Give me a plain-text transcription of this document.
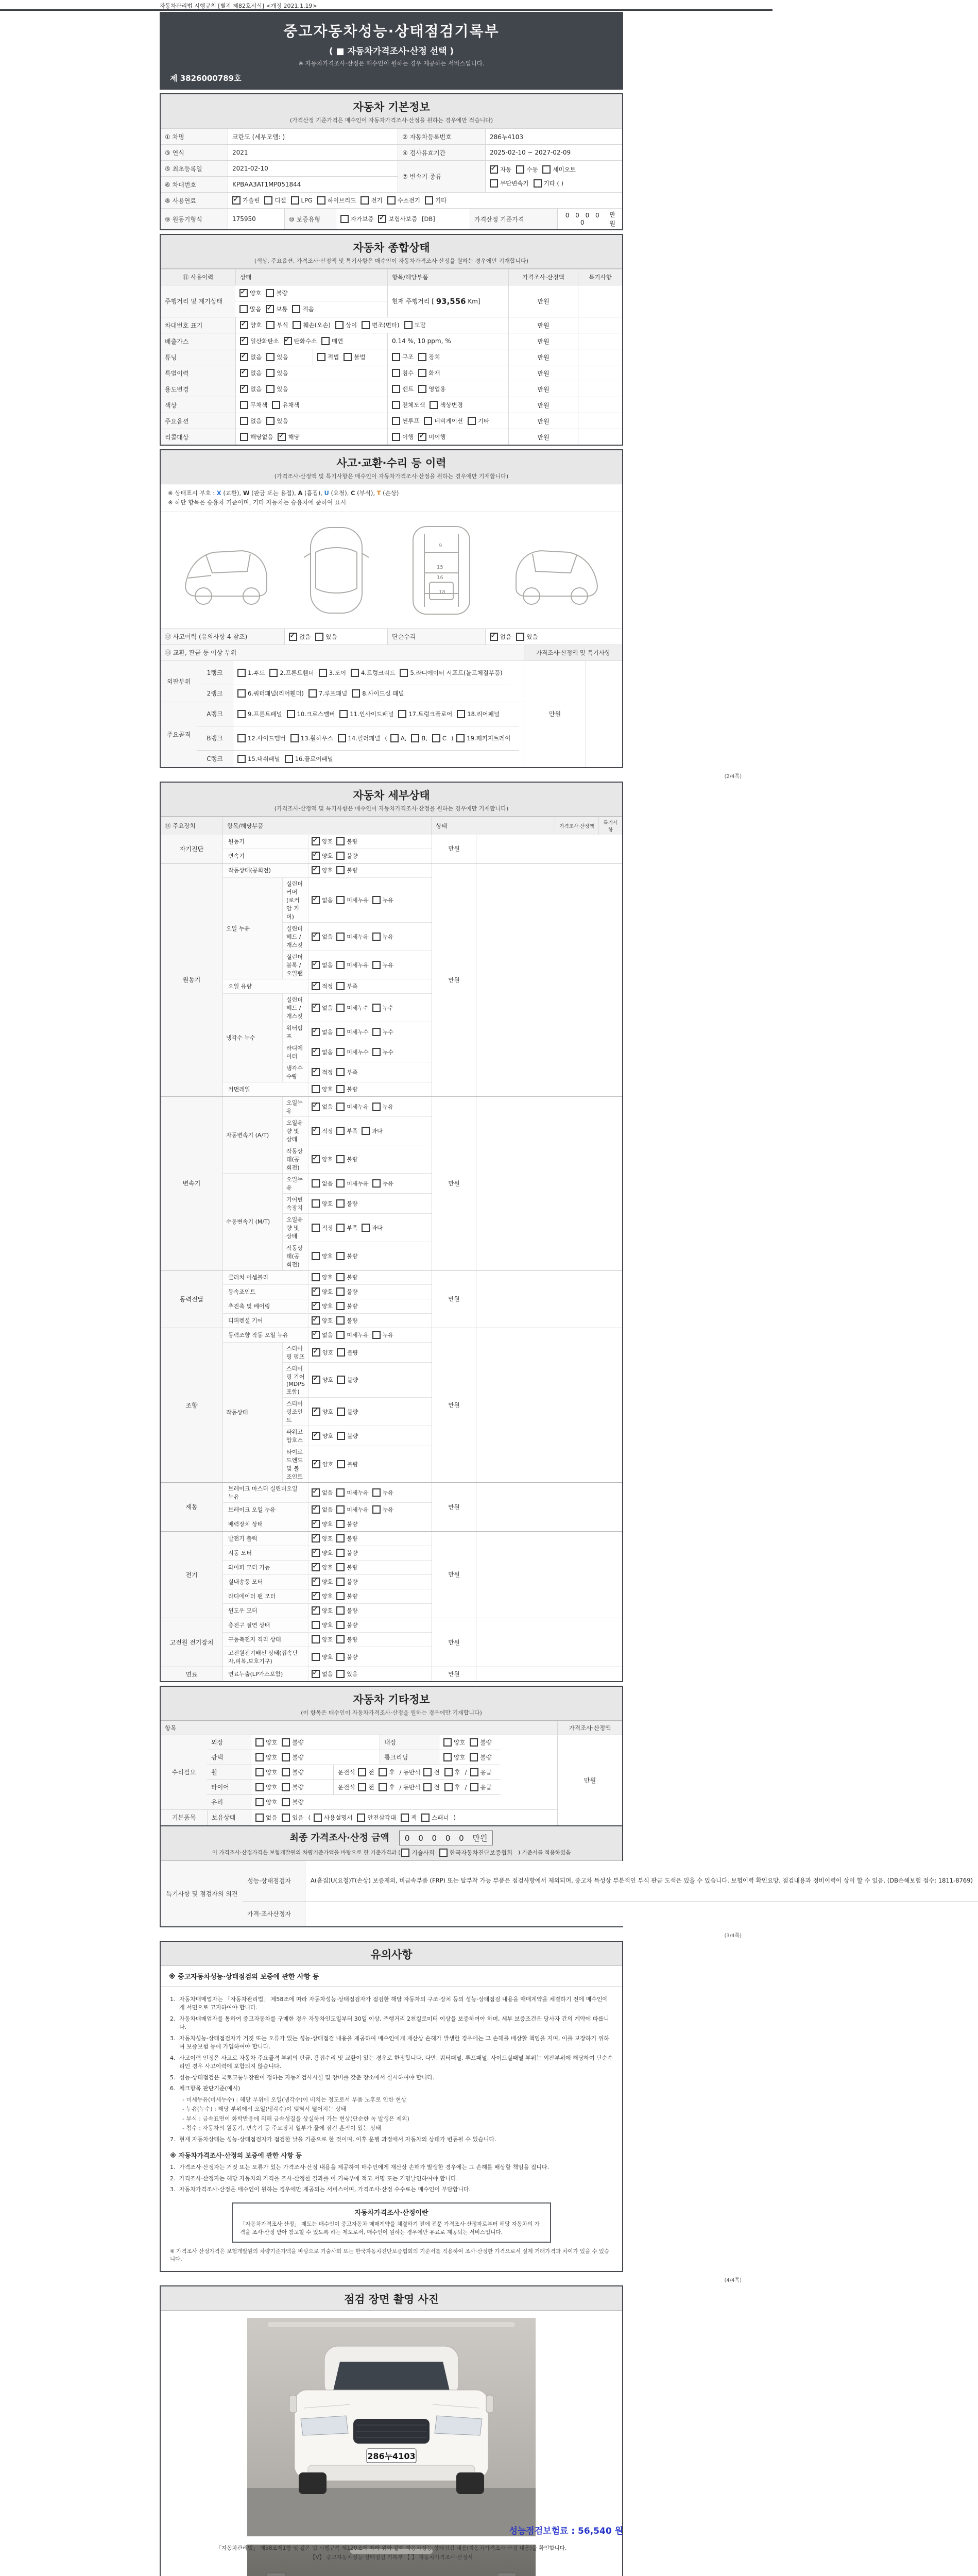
자동차관리법 시행규칙 [별지 제82호서식] <개정 2021.1.19>
중고자동차성능·상태점검기록부
( ■ 자동차가격조사·산정 선택 )
※ 자동차가격조사·산정은 매수인이 원하는 경우 제공하는 서비스입니다.
제 3826000789호
자동차 기본정보
(가격산정 기준가격은 매수인이 자동차가격조사·산정을 원하는 경우에만 적습니다)
① 차명	코란도 (세부모델: )	② 자동차등록번호	286누4103
③ 연식	2021	④ 검사유효기간	2025-02-10 ~ 2027-02-09
⑤ 최초등록일	2021-02-10
⑥ 차대번호	KPBAA3AT1MP051844
⑦ 변속기 종류
✓
자동	수동	세미오토
무단변속기	기타 ( )
⑧ 사용연료 ✓	가솔린	디젤	LPG	하이브리드	전기	수소전기	기타
⑨ 원동기형식	175950	⑩ 보증유형	자가보증 ✓	보험사보증 [DB]	가격산정 기준가격
0 0 0 0 0
만원
자동차 종합상태
(색상, 주요옵션, 가격조사·산정액 및 특기사항은 매수인이 자동차가격조사·산정을 원하는 경우에만 기재합니다)
⑪ 사용이력	상태	항목/해당부품	가격조사·산정액	특기사항
주행거리 및 계기상태
✓
양호	불량
많음 ✓	보통	적음
현재 주행거리 [
93,556
Km]	만원
차대번호 표기 ✓	양호	부식	훼손(오손)	상이	변조(변타)	도말	만원
배출가스 ✓	일산화탄소 ✓	탄화수소	매연	0.14 %, 10 ppm, %	만원
튜닝 ✓	없음	있음	적법	불법	구조	장치	만원
특별이력 ✓	없음	있음	침수	화재	만원
용도변경 ✓	없음	있음	렌트	영업용	만원
색상	무채색	유채색	전체도색	색상변경	만원
주요옵션	없음	있음	썬루프	네비게이션	기타	만원
리콜대상	해당없음 ✓	해당	이행 ✓	미이행	만원
사고·교환·수리 등 이력
(가격조사·산정액 및 특기사항은 매수인이 자동차가격조사·산정을 원하는 경우에만 기재합니다)
※ 상태표시 부호 : X (교환), W (판금 또는 용접), A (흠집), U (요철), C (부식), T (손상)
※ 하단 항목은 승용차 기준이며, 기타 자동차는 승용차에 준하여 표시
9
15
16
18
⑫ 사고이력 (유의사항 4 참조) ✓	없음	있음	단순수리 ✓	없음	있음
⑬ 교환, 판금 등 이상 부위	가격조사·산정액 및 특기사항
외판부위
1랭크	1.후드	2.프론트휀더	3.도어	4.트렁크리드	5.라디에이터 서포트(볼트체결부품)
2랭크	6.쿼터패널(리어휀더)	7.루프패널	8.사이드실 패널
주요골격
A랭크	9.프론트패널	10.크로스멤버	11.인사이드패널	17.트렁크플로어	18.리어패널
B랭크	12.사이드멤버	13.휠하우스	14.필러패널 ( A,	B,	C ) 19.패키지트레이
C랭크	15.대쉬패널	16.플로어패널
만원
(2/4쪽)
자동차 세부상태
(가격조사·산정액 및 특기사항은 매수인이 자동차가격조사·산정을 원하는 경우에만 기재합니다)
⑭ 주요장치	항목/해당부품	상태	가격조사·산정액
특기사항
자기진단
원동기 ✓	양호 불량
변속기 ✓	양호 불량
만원
원동기
작동상태(공회전) ✓	양호 불량
오일 누유
실린더 커버(로커암 커버)
✓
없음 미세누유 누유
실린더 헤드 / 개스킷
✓
없음 미세누유 누유
실린더 블록 / 오일팬
✓
없음 미세누유 누유
오일 유량 ✓	적정 부족
냉각수 누수
실린더 헤드 / 개스킷
✓
없음 미세누수 누수
워터펌프
✓
없음 미세누수 누수
라디에이터
✓
없음 미세누수 누수
냉각수 수량
✓
적정 부족
커먼레일	양호 불량
만원
변속기
자동변속기 (A/T)
오일누유
✓
없음 미세누유 누유
오일유량 및 상태
✓
적정 부족 과다
작동상태(공회전)
✓
양호 불량
수동변속기 (M/T)
오일누유
없음 미세누유 누유
기어변속장치
양호 불량
오일유량 및 상태
적정 부족 과다
작동상태(공회전)
양호 불량
만원
동력전달
클러치 어셈블리	양호 불량
등속죠인트 ✓	양호 불량
추진축 및 베어링 ✓	양호 불량
디퍼렌셜 기어 ✓	양호 불량
만원
조향
동력조향 작동 오일 누유 ✓	없음 미세누유 누유
작동상태
스티어링 펌프
✓
양호 불량
스티어링 기어(MDPS포함)
✓
양호 불량
스티어링조인트
✓
양호 불량
파워고압호스
✓
양호 불량
타이로드엔드 및 볼 조인트
✓
양호 불량
만원
제동
브레이크 마스터 실린더오일 누유
✓
없음 미세누유 누유
브레이크 오일 누유 ✓	없음 미세누유 누유
배력장치 상태 ✓	양호 불량
만원
전기
발전기 출력 ✓	양호 불량
시동 모터 ✓	양호 불량
와이퍼 모터 기능 ✓	양호 불량
실내송풍 모터 ✓	양호 불량
라디에이터 팬 모터 ✓	양호 불량
윈도우 모터 ✓	양호 불량
만원
고전원 전기장치
충전구 절연 상태	양호 불량
구동축전지 격리 상태	양호 불량
고전원전기배선 상태(접속단자,피복,보호기구)
양호 불량
만원
연료	연료누출(LP가스포함) ✓	없음 있음	만원
자동차 기타정보
(이 항목은 매수인이 자동차가격조사·산정을 원하는 경우에만 기재합니다)
항목	가격조사·산정액
수리필요
외장	양호	불량	내장	양호	불량
광택	양호	불량	룸크리닝	양호	불량
휠	양호	불량	운전석 전	후 / 동반석 전	후 / 응급
타이어	양호	불량	운전석 전	후 / 동반석 전	후 / 응급
유리	양호	불량
기본품목	보유상태	없음	있음 ( 사용설명서	안전삼각대	잭	스패너 )
만원
최종 가격조사·산정 금액 0 0 0 0 0 만원
이 가격조사·산정가격은 보험개발원의 차량기준가액을 바탕으로 한 기준가격과 ( 기술사회	한국자동차진단보증협회 ) 기준서를 적용하였음
특기사항 및 점검자의 의견
성능·상태점검자	A(흠집)U(요철)T(손상) 보증제외, 비금속부품 (FRP) 또는 탈부착 가능 부품은 점검사항에서 제외되며, 중고차 특성상 부분적인 부식 판금 도색은 있을 수 있습니다. 보험이력 확인요망. 점검내용과 정비이력이 상이 할 수 있음. (DB손해보험 접수: 1811-8769)
가격·조사산정자
(3/4쪽)
유의사항
※ 중고자동차성능·상태점검의 보증에 관한 사항 등
1. 자동차매매업자는 「자동차관리법」 제58조에 따라 자동차성능·상태점검자가 점검한 해당 자동차의 구조·장치 등의 성능·상태점검 내용을 매매계약을 체결하기 전에 매수인에게 서면으로 고지하여야 합니다.
2. 자동차매매업자를 통하여 중고자동차를 구매한 경우 자동차인도일부터 30일 이상, 주행거리 2천킬로미터 이상을 보증하여야 하며, 세부 보증조건은 당사자 간의 계약에 따릅니다.
3. 자동차성능·상태점검자가 거짓 또는 오류가 있는 성능·상태점검 내용을 제공하여 매수인에게 재산상 손해가 발생한 경우에는 그 손해를 배상할 책임을 지며, 이를 보장하기 위하여 보증보험 등에 가입하여야 합니다.
4. 사고이력 인정은 사고로 자동차 주요골격 부위의 판금, 용접수리 및 교환이 있는 경우로 한정합니다. 다만, 쿼터패널, 루프패널, 사이드실패널 부위는 외판부위에 해당하여 단순수리인 경우 사고이력에 포함되지 않습니다.
5. 성능·상태점검은 국토교통부장관이 정하는 자동차검사시설 및 장비를 갖춘 장소에서 실시하여야 합니다.
6. 체크항목 판단기준(예시)
- 미세누유(미세누수) : 해당 부위에 오일(냉각수)이 비치는 정도로서 부품 노후로 인한 현상
- 누유(누수) : 해당 부위에서 오일(냉각수)이 맺혀서 떨어지는 상태
- 부식 : 금속표면이 화학반응에 의해 금속성질을 상실하여 가는 현상(단순한 녹 발생은 제외)
- 침수 : 자동차의 원동기, 변속기 등 주요장치 일부가 물에 잠긴 흔적이 있는 상태
7. 현재 자동차상태는 성능·상태점검자가 점검한 날을 기준으로 한 것이며, 이후 운행 과정에서 자동차의 상태가 변동될 수 있습니다.
※ 자동차가격조사·산정의 보증에 관한 사항 등
1. 가격조사·산정자는 거짓 또는 오류가 있는 가격조사·산정 내용을 제공하여 매수인에게 재산상 손해가 발생한 경우에는 그 손해를 배상할 책임을 집니다.
2. 가격조사·산정자는 해당 자동차의 가격을 조사·산정한 결과를 이 기록부에 적고 서명 또는 기명날인하여야 합니다.
3. 자동차가격조사·산정은 매수인이 원하는 경우에만 제공되는 서비스이며, 가격조사·산정 수수료는 매수인이 부담합니다.
자동차가격조사·산정이란
「자동차가격조사·산정」 제도는 매수인이 중고자동차 매매계약을 체결하기 전에 전문 가격조사·산정자로부터 해당 자동차의 가격을 조사·산정 받아 참고할 수 있도록 하는 제도로서, 매수인이 원하는 경우에만 유료로 제공되는 서비스입니다.
※ 가격조사·산정가격은 보험개발원의 차량기준가액을 바탕으로 기술사회 또는 한국자동차진단보증협회의 기준서를 적용하여 조사·산정한 가격으로서 실제 거래가격과 차이가 있을 수 있습니다.
(4/4쪽)
점검 장면 촬영 사진
286누4103
성능점검보험료 : 56,540 원
「자동차관리법」 제58조제1항 및 같은 법 시행규칙 제120조에 따라 위와 같이 자동차성능·상태점검 내용(자동차가격조사·산정 내용)을 확인합니다.
【V】 중고자동차성능·상태점검 기록부 【 】 자동차가격조사·산정서
